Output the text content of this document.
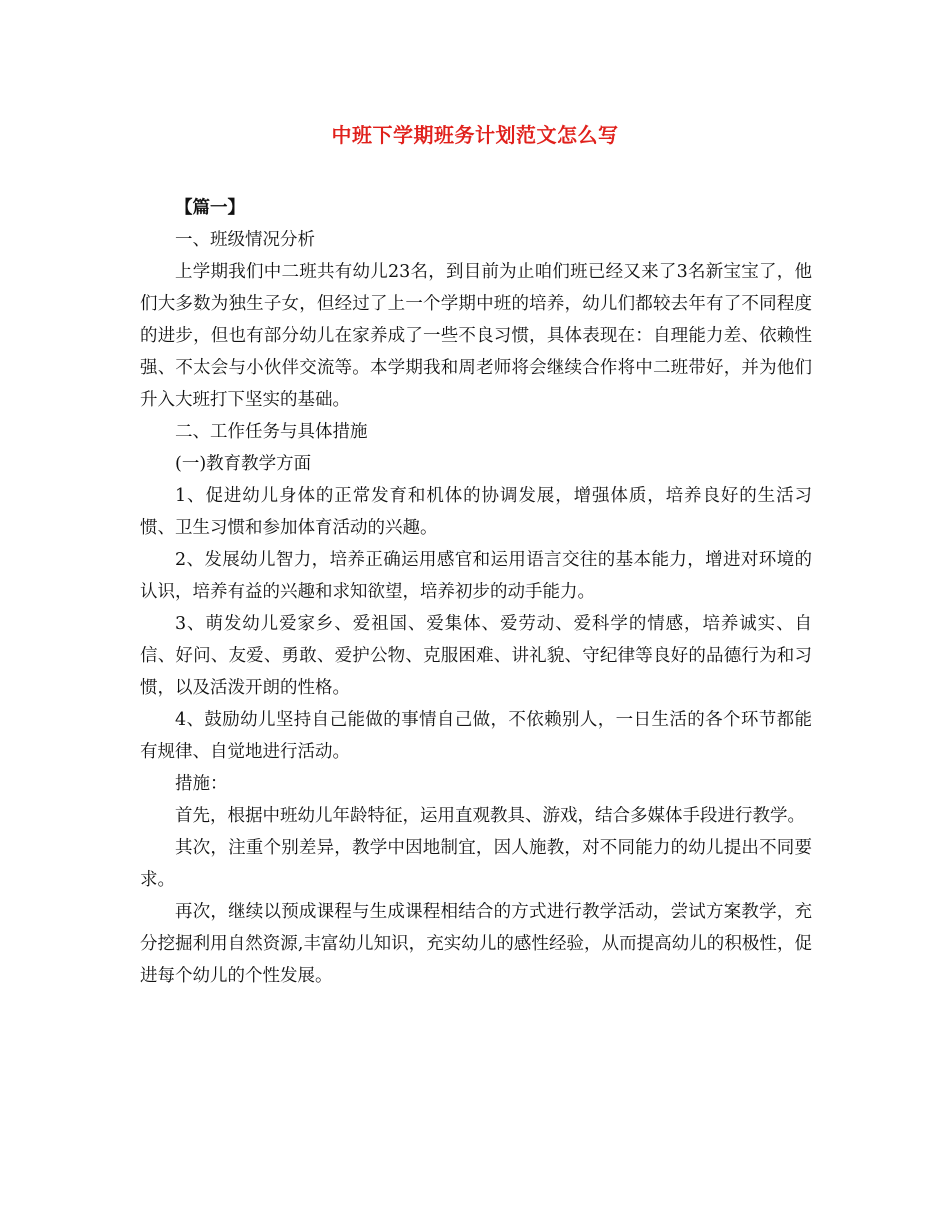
中班下学期班务计划范文怎么写

【篇一】

一、班级情况分析

上学期我们中二班共有幼儿23名，到目前为止咱们班已经又来了3名新宝宝了，他们大多数为独生子女，但经过了上一个学期中班的培养，幼儿们都较去年有了不同程度的进步，但也有部分幼儿在家养成了一些不良习惯，具体表现在：自理能力差、依赖性强、不太会与小伙伴交流等。本学期我和周老师将会继续合作将中二班带好，并为他们升入大班打下坚实的基础。

二、工作任务与具体措施

(一)教育教学方面

1、促进幼儿身体的正常发育和机体的协调发展，增强体质，培养良好的生活习惯、卫生习惯和参加体育活动的兴趣。

2、发展幼儿智力，培养正确运用感官和运用语言交往的基本能力，增进对环境的认识，培养有益的兴趣和求知欲望，培养初步的动手能力。

3、萌发幼儿爱家乡、爱祖国、爱集体、爱劳动、爱科学的情感，培养诚实、自信、好问、友爱、勇敢、爱护公物、克服困难、讲礼貌、守纪律等良好的品德行为和习惯，以及活泼开朗的性格。

4、鼓励幼儿坚持自己能做的事情自己做，不依赖别人，一日生活的各个环节都能有规律、自觉地进行活动。

措施：

首先，根据中班幼儿年龄特征，运用直观教具、游戏，结合多媒体手段进行教学。

其次，注重个别差异，教学中因地制宜，因人施教，对不同能力的幼儿提出不同要求。

再次，继续以预成课程与生成课程相结合的方式进行教学活动，尝试方案教学，充分挖掘利用自然资源,丰富幼儿知识，充实幼儿的感性经验，从而提高幼儿的积极性，促进每个幼儿的个性发展。
